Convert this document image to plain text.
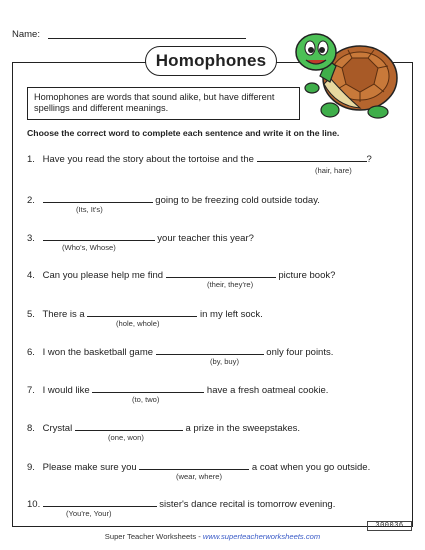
Name:
Homophones
Homophones are words that sound alike, but have different spellings and different meanings.
Choose the correct word to complete each sentence and write it on the line.
1. Have you read the story about the tortoise and the	?
(hair, hare)
2.	going to be freezing cold outside today.
(Its, It's)
3.	your teacher this year?
(Who's, Whose)
4. Can you please help me find	picture book?
(their, they're)
5. There is a	in my left sock.
(hole, whole)
6. I won the basketball game	only four points.
(by, buy)
7. I would like	have a fresh oatmeal cookie.
(to, two)
8. Crystal	a prize in the sweepstakes.
(one, won)
9. Please make sure you	a coat when you go outside.
(wear, where)
10.	sister's dance recital is tomorrow evening.
(You're, Your)
300036
Super Teacher Worksheets - www.superteacherworksheets.com
